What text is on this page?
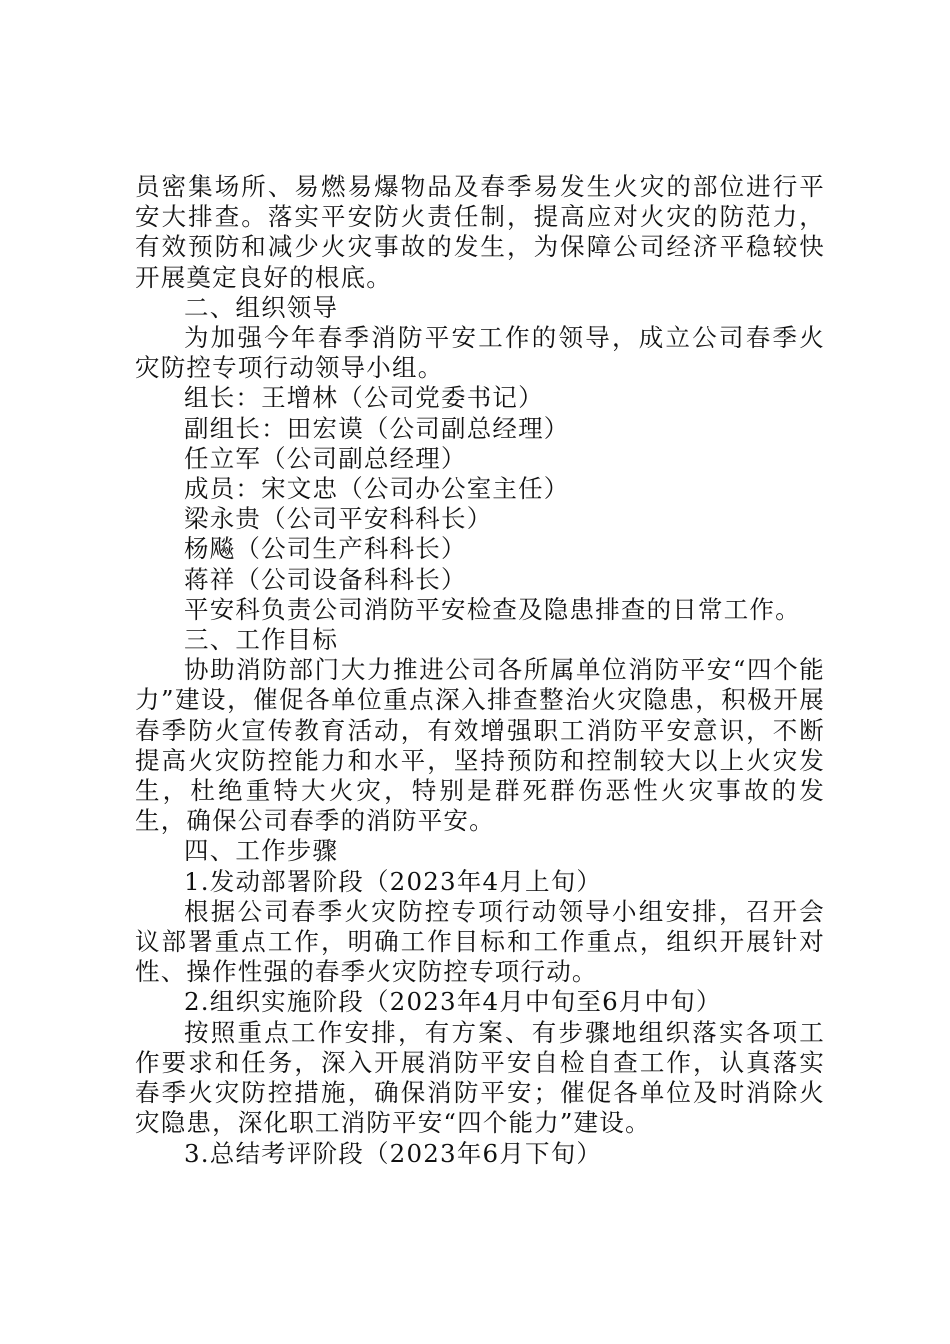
员密集场所、易燃易爆物品及春季易发生火灾的部位进行平安大排查。落实平安防火责任制，提高应对火灾的防范力，有效预防和减少火灾事故的发生，为保障公司经济平稳较快开展奠定良好的根底。

二、组织领导

为加强今年春季消防平安工作的领导，成立公司春季火灾防控专项行动领导小组。

组长：王增林（公司党委书记）

副组长：田宏谟（公司副总经理）

任立军（公司副总经理）

成员：宋文忠（公司办公室主任）

梁永贵（公司平安科科长）

杨飚（公司生产科科长）

蒋祥（公司设备科科长）

平安科负责公司消防平安检查及隐患排查的日常工作。

三、工作目标

协助消防部门大力推进公司各所属单位消防平安“四个能力”建设，催促各单位重点深入排查整治火灾隐患，积极开展春季防火宣传教育活动，有效增强职工消防平安意识，不断提高火灾防控能力和水平，坚持预防和控制较大以上火灾发生，杜绝重特大火灾，特别是群死群伤恶性火灾事故的发生，确保公司春季的消防平安。

四、工作步骤

1.发动部署阶段（2023年4月上旬）

根据公司春季火灾防控专项行动领导小组安排，召开会议部署重点工作，明确工作目标和工作重点，组织开展针对性、操作性强的春季火灾防控专项行动。

2.组织实施阶段（2023年4月中旬至6月中旬）

按照重点工作安排，有方案、有步骤地组织落实各项工作要求和任务，深入开展消防平安自检自查工作，认真落实春季火灾防控措施，确保消防平安；催促各单位及时消除火灾隐患，深化职工消防平安“四个能力”建设。

3.总结考评阶段（2023年6月下旬）
